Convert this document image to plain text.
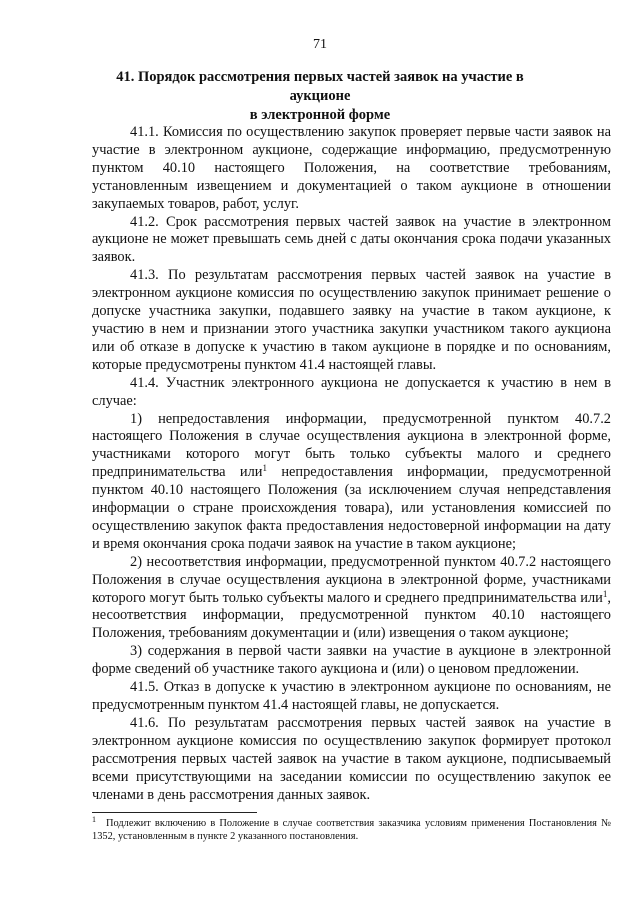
71
41. Порядок рассмотрения первых частей заявок на участие в аукционе
в электронной форме

41.1. Комиссия по осуществлению закупок проверяет первые части заявок на участие в электронном аукционе, содержащие информацию, предусмотренную пунктом 40.10 настоящего Положения, на соответствие требованиям, установленным извещением и документацией о таком аукционе в отношении закупаемых товаров, работ, услуг.

41.2. Срок рассмотрения первых частей заявок на участие в электронном аукционе не может превышать семь дней с даты окончания срока подачи указанных заявок.

41.3. По результатам рассмотрения первых частей заявок на участие в электронном аукционе комиссия по осуществлению закупок принимает решение о допуске участника закупки, подавшего заявку на участие в таком аукционе, к участию в нем и признании этого участника закупки участником такого аукциона или об отказе в допуске к участию в таком аукционе в порядке и по основаниям, которые предусмотрены пунктом 41.4 настоящей главы.

41.4. Участник электронного аукциона не допускается к участию в нем в случае:

1) непредоставления информации, предусмотренной пунктом 40.7.2 настоящего Положения в случае осуществления аукциона в электронной форме, участниками которого могут быть только субъекты малого и среднего предпринимательства или$^1$ непредоставления информации, предусмотренной пунктом 40.10 настоящего Положения (за исключением случая непредставления информации о стране происхождения товара), или установления комиссией по осуществлению закупок факта предоставления недостоверной информации на дату и время окончания срока подачи заявок на участие в таком аукционе;

2) несоответствия информации, предусмотренной пунктом 40.7.2 настоящего Положения в случае осуществления аукциона в электронной форме, участниками которого могут быть только субъекты малого и среднего предпринимательства или$^1$, несоответствия информации, предусмотренной пунктом 40.10 настоящего Положения, требованиям документации и (или) извещения о таком аукционе;

3) содержания в первой части заявки на участие в аукционе в электронной форме сведений об участнике такого аукциона и (или) о ценовом предложении.

41.5. Отказ в допуске к участию в электронном аукционе по основаниям, не предусмотренным пунктом 41.4 настоящей главы, не допускается.

41.6. По результатам рассмотрения первых частей заявок на участие в электронном аукционе комиссия по осуществлению закупок формирует протокол рассмотрения первых частей заявок на участие в таком аукционе, подписываемый всеми присутствующими на заседании комиссии по осуществлению закупок ее членами в день рассмотрения данных заявок.

$^1$ Подлежит включению в Положение в случае соответствия заказчика условиям применения Постановления № 1352, установленным в пункте 2 указанного постановления.
